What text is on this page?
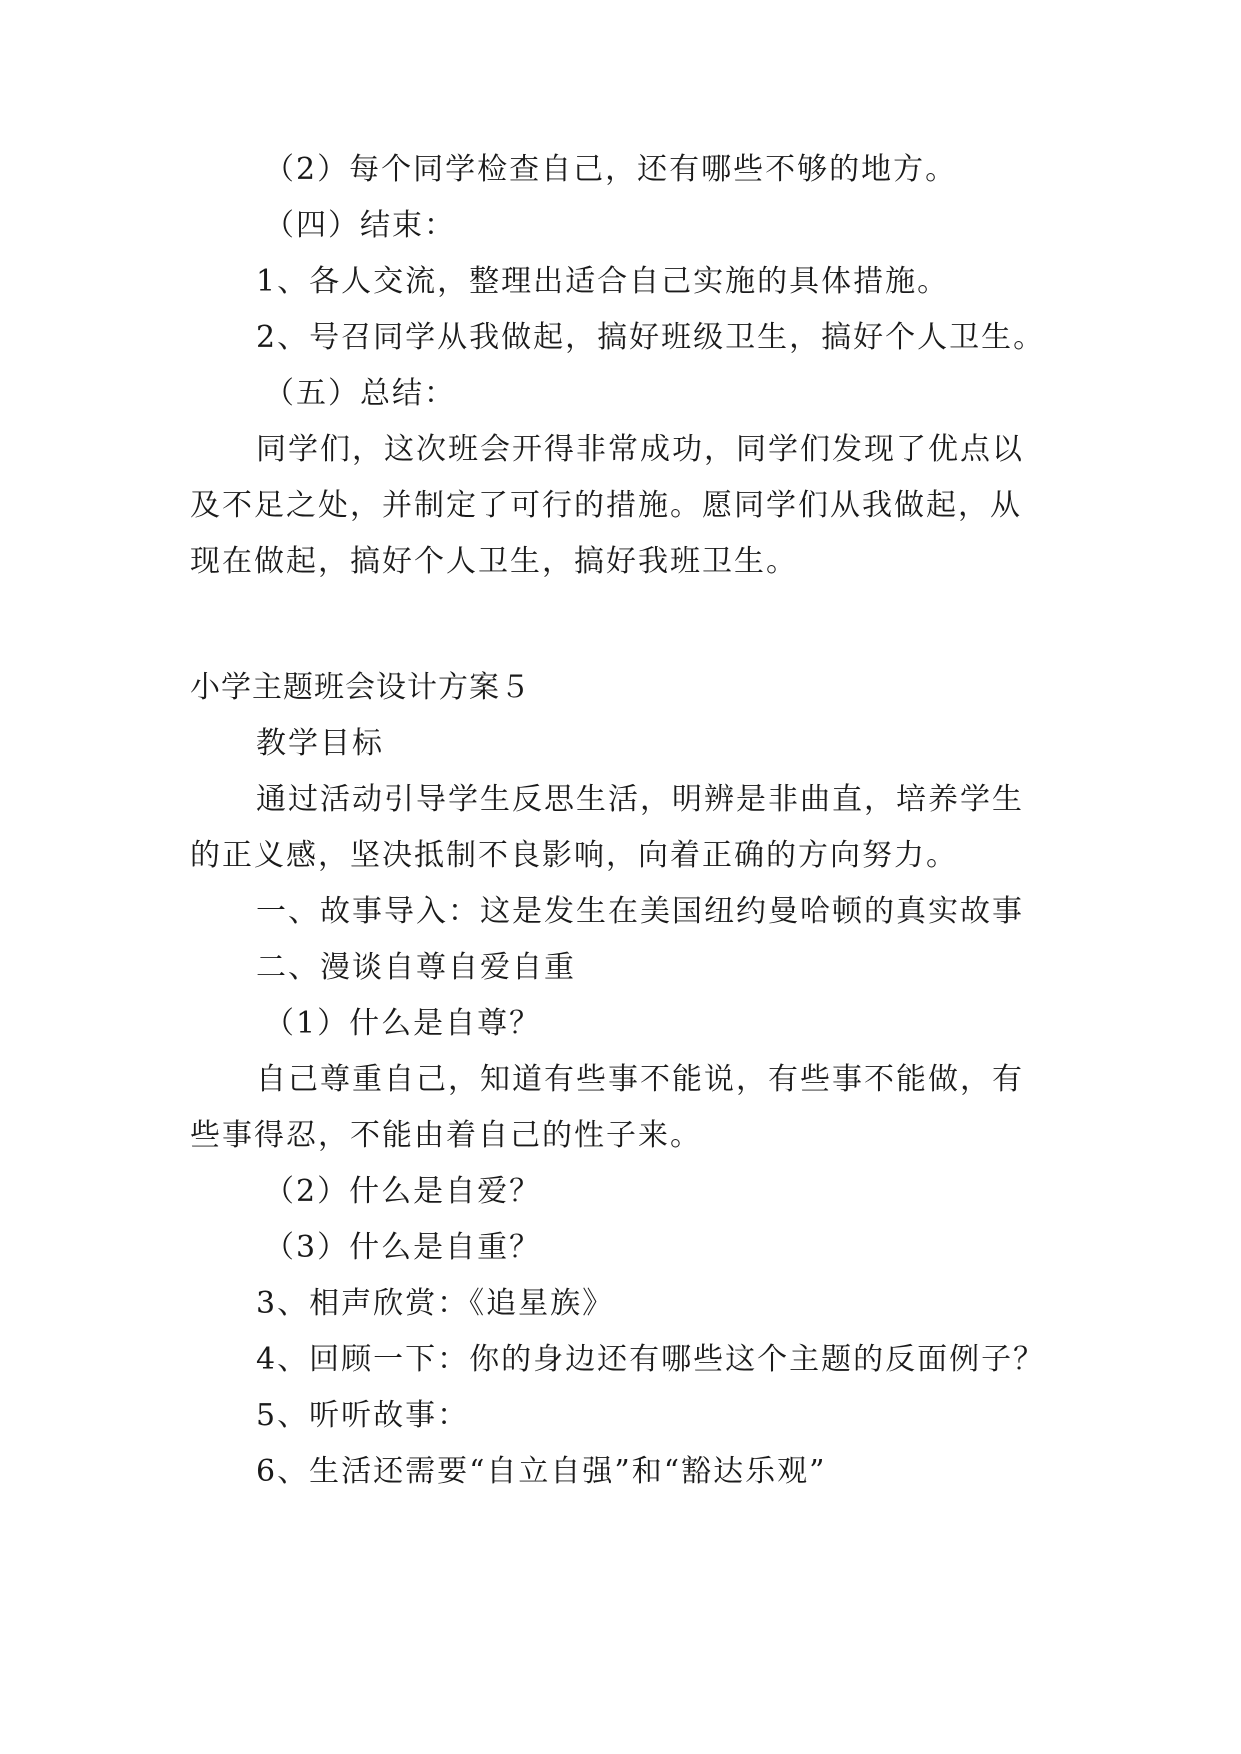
（2）每个同学检查自己，还有哪些不够的地方。
（四）结束：
1、各人交流，整理出适合自己实施的具体措施。
2、号召同学从我做起，搞好班级卫生，搞好个人卫生。
（五）总结：
同学们，这次班会开得非常成功，同学们发现了优点以
及不足之处，并制定了可行的措施。愿同学们从我做起，从
现在做起，搞好个人卫生，搞好我班卫生。
小学主题班会设计方案５
教学目标
通过活动引导学生反思生活，明辨是非曲直，培养学生
的正义感，坚决抵制不良影响，向着正确的方向努力。
一、故事导入：这是发生在美国纽约曼哈顿的真实故事
二、漫谈自尊自爱自重
（1）什么是自尊？
自己尊重自己，知道有些事不能说，有些事不能做，有
些事得忍，不能由着自己的性子来。
（2）什么是自爱？
（3）什么是自重？
3、相声欣赏：《追星族》
4、回顾一下：你的身边还有哪些这个主题的反面例子？
5、听听故事：
6、生活还需要“自立自强”和“豁达乐观”
